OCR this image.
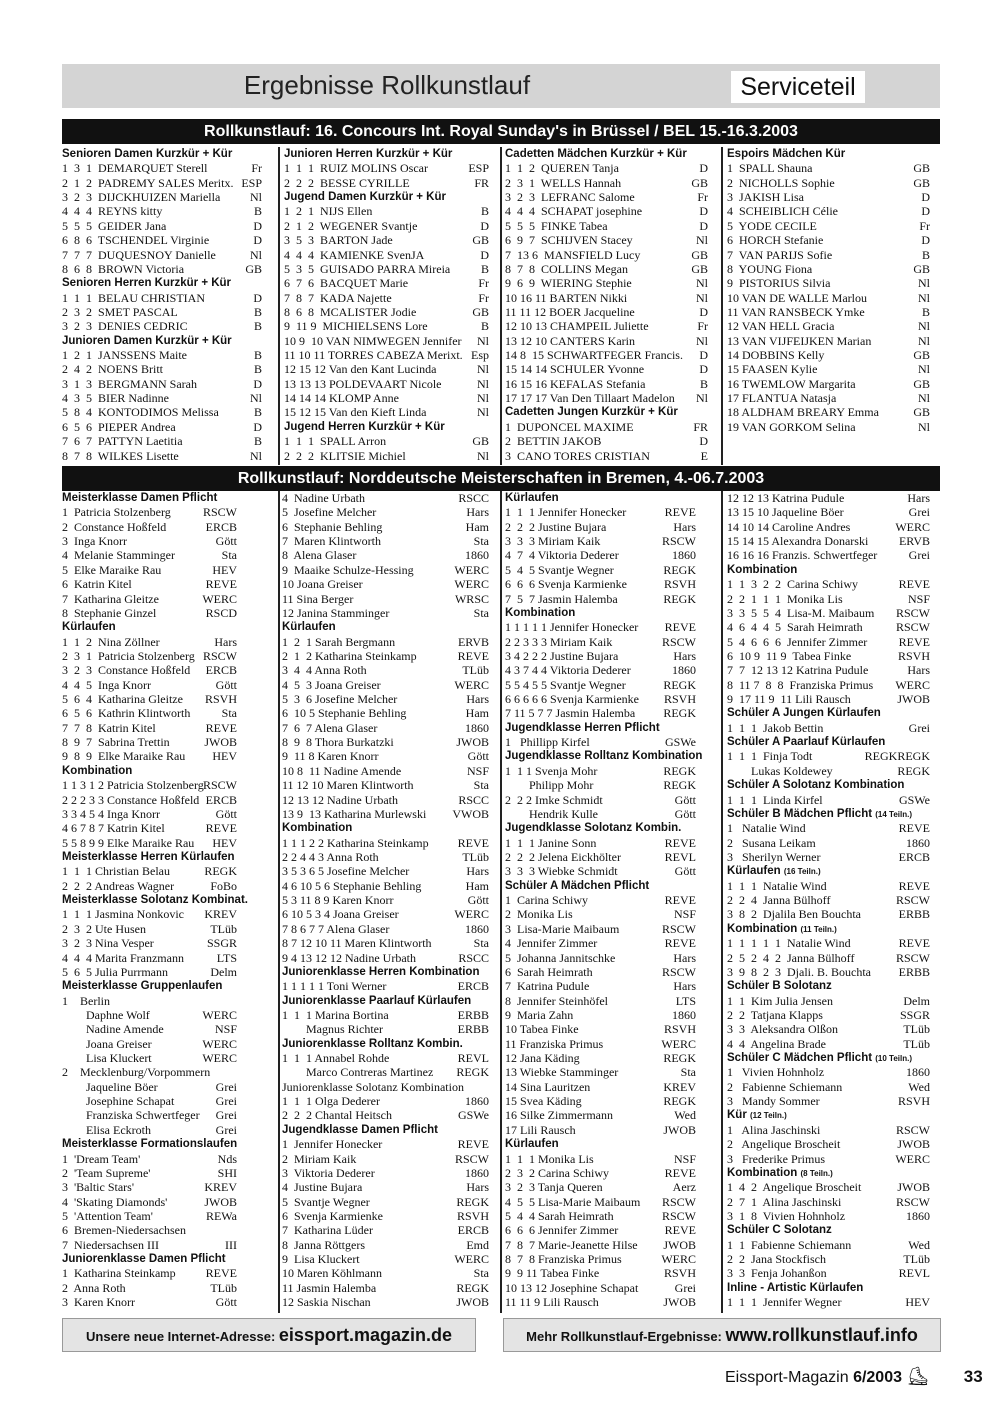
Ergebnisse Rollkunstlauf	Serviceteil
Rollkunstlauf: 16. Concours Int. Royal Sunday's in Brüssel / BEL 15.-16.3.2003
Rollkunstlauf: Norddeutsche Meisterschaften in Bremen, 4.-06.7.2003
Unsere neue Internet-Adresse: eissport.magazin.de	Mehr Rollkunstlauf-Ergebnisse: www.rollkunstlauf.info
Eissport-Magazin 6/2003 ⛸ 33
Senioren Damen Kurzkür + Kür
1  3  1  DEMARQUET Sterell	Fr
2  1  2  PADREMY SALES Meritx. ESP
3  2  3  DIJCKHUIZEN Mariella Nl
4  4  4  REYNS kitty	B
5  5  5  GEIDER Jana	D
6  8  6  TSCHENDEL Virginie	D
7  7  7  DUQUESNOY Danielle	Nl
8  6  8  BROWN Victoria	GB
Senioren Herren Kurzkür + Kür
1  1  1  BELAU CHRISTIAN	D
2  3  2  SMET PASCAL	B
3  2  3  DENIES CEDRIC	B
Junioren Damen Kurzkür + Kür
1  2  1  JANSSENS Maite	B
2  4  2  NOENS Britt	B
3  1  3  BERGMANN Sarah	D
4  3  5  BIER Nadinne	Nl
5  8  4  KONTODIMOS Melissa	B
6  5  6  PIEPER Andrea	D
7  6  7  PATTYN Laetitia	B
8  7  8  WILKES Lisette	Nl
Junioren Herren Kurzkür + Kür
1  1  1  RUIZ MOLINS Oscar	ESP
2  2  2  BESSE CYRILLE	FR
Jugend Damen Kurzkür + Kür
1  2  1  NIJS Ellen	B
2  1  2  WEGENER Svantje	D
3  5  3  BARTON Jade	GB
4  4  4  KAMIENKE SvenJA	D
5  3  5  GUISADO PARRA Mireia	B
6  7  6  BACQUET Marie	Fr
7  8  7  KADA Najette	Fr
8  6  8  MCALISTER Jodie	GB
9  11 9  MICHIELSENS Lore	B
10 9  10 VAN NIMWEGEN Jennifer Nl
11 10 11 TORRES CABEZA Merixt. Esp
12 15 12 Van den Kant Lucinda	Nl
13 13 13 POLDEVAART Nicole	Nl
14 14 14 KLOMP Anne	Nl
15 12 15 Van den Kieft Linda	Nl
Jugend Herren Kurzkür + Kür
1  1  1  SPALL Arron	GB
2  2  2  KLITSIE Michiel	Nl
Cadetten Mädchen Kurzkür + Kür
1  1  2  QUEREN Tanja	D
2  3  1  WELLS Hannah	GB
3  2  3  LEFRANC Salome	Fr
4  4  4  SCHAPAT josephine	D
5  5  5  FINKE Tabea	D
6  9  7  SCHIJVEN Stacey	Nl
7  13 6  MANSFIELD Lucy	GB
8  7  8  COLLINS Megan	GB
9  6  9  WIERING Stephie	Nl
10 16 11 BARTEN Nikki	Nl
11 11 12 BOER Jacqueline	D
12 10 13 CHAMPEIL Juliette	Fr
13 12 10 CANTERS Karin	Nl
14 8  15 SCHWARTFEGER Francis. D
15 14 14 SCHULER Yvonne	D
16 15 16 KEFALAS Stefania	B
17 17 17 Van Den Tillaart Madelon Nl
Cadetten Jungen Kurzkür + Kür
1  DUPONCEL MAXIME	FR
2  BETTIN JAKOB	D
3  CANO TORES CRISTIAN	E
Espoirs Mädchen Kür
1  SPALL Shauna	GB
2  NICHOLLS Sophie	GB
3  JAKISH Lisa	D
4  SCHEIBLICH Célie	D
5  YODE CECILE	Fr
6  HORCH Stefanie	D
7  VAN PARIJS Sofie	B
8  YOUNG Fiona	GB
9  PISTORIUS Silvia	Nl
10 VAN DE WALLE Marlou	Nl
11 VAN RANSBECK Ymke	B
12 VAN HELL Gracia	Nl
13 VAN VIJFEIJKEN Marian	Nl
14 DOBBINS Kelly	GB
15 FAASEN Kylie	Nl
16 TWEMLOW Margarita	GB
17 FLANTUA Natasja	Nl
18 ALDHAM BREARY Emma	GB
19 VAN GORKOM Selina	Nl
Meisterklasse Damen Pflicht
1  Patricia Stolzenberg	RSCW
2  Constance Hoßfeld	ERCB
3  Inga Knorr	Gött
4  Melanie Stamminger	Sta
5  Elke Maraike Rau	HEV
6  Katrin Kitel	REVE
7  Katharina Gleitze	WERC
8  Stephanie Ginzel	RSCD
Kürlaufen
1  1  2  Nina Zöllner	Hars
2  3  1  Patricia Stolzenberg RSCW
3  2  3  Constance Hoßfeld ERCB
4  4  5  Inga Knorr	Gött
5  6  4  Katharina Gleitze RSVH
6  5  6  Kathrin Klintworth	Sta
7  7  8  Katrin Kitel	REVE
8  9  7  Sabrina Trettin	JWOB
9  8  9  Elke Maraike Rau HEV
Kombination
1 1 3 1 2 Patricia Stolzenberg RSCW
2 2 2 3 3 Constance Hoßfeld ERCB
3 3 4 5 4 Inga Knorr	Gött
4 6 7 8 7 Katrin Kitel	REVE
5 5 8 9 9 Elke Maraike Rau HEV
Meisterklasse Herren Kürlaufen
1  1  1 Christian Belau	REGK
2  2  2 Andreas Wagner	FoBo
Meisterklasse Solotanz Kombinat.
1  1  1 Jasmina Nonkovic KREV
2  3  2 Ute Husen	TLüb
3  2  3 Nina Vesper	SSGR
4  4  4 Marita Franzmann	LTS
5  6  5 Julia Purrmann	Delm
Meisterklasse Gruppenlaufen
1    Berlin
Daphne Wolf	WERC
Nadine Amende	NSF
Joana Greiser	WERC
Lisa Kluckert	WERC
2    Mecklenburg/Vorpommern
Jaqueline Böer	Grei
Josephine Schapat	Grei
Franziska Schwertfeger Grei
Elisa Eckroth	Grei
Meisterklasse Formationslaufen
1  'Dream Team'	Nds
2  'Team Supreme'	SHI
3  'Baltic Stars'	KREV
4  'Skating Diamonds'	JWOB
5  'Attention Team'	REWa
6  Bremen-Niedersachsen
7  Niedersachsen III	III
Juniorenklasse Damen Pflicht
1  Katharina Steinkamp	REVE
2  Anna Roth	TLüb
3  Karen Knorr	Gött
4  Nadine Urbath	RSCC
5  Josefine Melcher	Hars
6  Stephanie Behling	Ham
7  Maren Klintworth	Sta
8  Alena Glaser	1860
9  Maaike Schulze-Hessing	WERC
10 Joana Greiser	WERC
11 Sina Berger	WRSC
12 Janina Stamminger	Sta
Kürlaufen
1  2  1 Sarah Bergmann	ERVB
2  1  2 Katharina Steinkamp	REVE
3  4  4 Anna Roth	TLüb
4  5  3 Joana Greiser	WERC
5  3  6 Josefine Melcher	Hars
6  10 5 Stephanie Behling	Ham
7  6  7 Alena Glaser	1860
8  9  8 Thora Burkatzki	JWOB
9  11 8 Karen Knorr	Gött
10 8  11 Nadine Amende	NSF
11 12 10 Maren Klintworth	Sta
12 13 12 Nadine Urbath	RSCC
13 9  13 Katharina Murlewski VWOB
Kombination
1 1 1 2 2 Katharina Steinkamp REVE
2 2 4 4 3 Anna Roth	TLüb
3 5 3 6 5 Josefine Melcher	Hars
4 6 10 5 6 Stephanie Behling	Ham
5 3 11 8 9 Karen Knorr	Gött
6 10 5 3 4 Joana Greiser	WERC
7 8 6 7 7 Alena Glaser	1860
8 7 12 10 11 Maren Klintworth	Sta
9 4 13 12 12 Nadine Urbath	RSCC
Juniorenklasse Herren Kombination
1 1 1 1 1 Toni Werner	ERCB
Juniorenklasse Paarlauf Kürlaufen
1  1  1 Marina Bortina	ERBB
Magnus Richter	ERBB
Juniorenklasse Rolltanz Kombin.
1  1  1 Annabel Rohde	REVL
Marco Contreras Martinez REGK
Juniorenklasse Solotanz Kombination
1  1  1 Olga Dederer	1860
2  2  2 Chantal Heitsch	GSWe
Jugendklasse Damen Pflicht
1  Jennifer Honecker	REVE
2  Miriam Kaik	RSCW
3  Viktoria Dederer	1860
4  Justine Bujara	Hars
5  Svantje Wegner	REGK
6  Svenja Karmienke	RSVH
7  Katharina Lüder	ERCB
8  Janna Röttgers	Emd
9  Lisa Kluckert	WERC
10 Maren Köhlmann	Sta
11 Jasmin Halemba	REGK
12 Saskia Nischan	JWOB
Kürlaufen
1  1  1 Jennifer Honecker	REVE
2  2  2 Justine Bujara	Hars
3  3  3 Miriam Kaik	RSCW
4  7  4 Viktoria Dederer	1860
5  4  5 Svantje Wegner	REGK
6  6  6 Svenja Karmienke	RSVH
7  5  7 Jasmin Halemba	REGK
Kombination
1 1 1 1 1 Jennifer Honecker REVE
2 2 3 3 3 Miriam Kaik	RSCW
3 4 2 2 2 Justine Bujara	Hars
4 3 7 4 4 Viktoria Dederer	1860
5 5 4 5 5 Svantje Wegner	REGK
6 6 6 6 6 Svenja Karmienke RSVH
7 11 5 7 7 Jasmin Halemba REGK
Jugendklasse Herren Pflicht
1   Phillipp Kirfel	GSWe
Jugendklasse Rolltanz Kombination
1  1 1 Svenja Mohr	REGK
Philipp Mohr	REGK
2  2 2 Imke Schmidt	Gött
Hendrik Kulle	Gött
Jugendklasse Solotanz Kombin.
1  1  1 Janine Sonn	REVE
2  2  2 Jelena Eickhölter	REVL
3  3  3 Wiebke Schmidt	Gött
Schüler A Mädchen Pflicht
1  Carina Schiwy	REVE
2  Monika Lis	NSF
3  Lisa-Marie Maibaum	RSCW
4  Jennifer Zimmer	REVE
5  Johanna Jannitschke	Hars
6  Sarah Heimrath	RSCW
7  Katrina Pudule	Hars
8  Jennifer Steinhöfel	LTS
9  Maria Zahn	1860
10 Tabea Finke	RSVH
11 Franziska Primus	WERC
12 Jana Käding	REGK
13 Wiebke Stamminger	Sta
14 Sina Lauritzen	KREV
15 Svea Käding	REGK
16 Silke Zimmermann	Wed
17 Lili Rausch	JWOB
Kürlaufen
1  1  1 Monika Lis	NSF
2  3  2 Carina Schiwy	REVE
3  2  3 Tanja Queren	Aerz
4  5  5 Lisa-Marie Maibaum RSCW
5  4  4 Sarah Heimrath	RSCW
6  6  6 Jennifer Zimmer	REVE
7  8  7 Marie-Jeanette Hilse JWOB
8  7  8 Franziska Primus	WERC
9  9 11 Tabea Finke	RSVH
10 13 12 Josephine Schapat	Grei
11 11 9 Lili Rausch	JWOB
12 12 13 Katrina Pudule	Hars
13 15 10 Jaqueline Böer	Grei
14 10 14 Caroline Andres	WERC
15 14 15 Alexandra Donarski	ERVB
16 16 16 Franzis. Schwertfeger	Grei
Kombination
1  1  3  2  2  Carina Schiwy	REVE
2  2  1  1  1  Monika Lis	NSF
3  3  5  5  4  Lisa-M. Maibaum RSCW
4  6  4  4  5  Sarah Heimrath	RSCW
5  4  6  6  6  Jennifer Zimmer	REVE
6  10 9  11 9  Tabea Finke	RSVH
7  7  12 13 12 Katrina Pudule	Hars
8  11 7  8  8  Franziska Primus WERC
9  17 11 9  11 Lili Rausch	JWOB
Schüler A Jungen Kürlaufen
1  1  1  Jakob Bettin	Grei
Schüler A Paarlauf Kürlaufen
1  1  1  Finja Todt	REGKREGK
Lukas Koldewey	REGK
Schüler A Solotanz Kombination
1  1  1  Linda Kirfel	GSWe
Schüler B Mädchen Pflicht (14 Teiln.)
1   Natalie Wind	REVE
2   Susana Leikam	1860
3   Sherilyn Werner	ERCB
Kürlaufen (16 Teiln.)
1  1  1  Natalie Wind	REVE
2  2  4  Janna Bülhoff	RSCW
3  8  2  Djalila Ben Bouchta	ERBB
Kombination (11 Teiln.)
1  1  1  1  1  Natalie Wind	REVE
2  5  2  4  2  Janna Bülhoff	RSCW
3  9  8  2  3  Djali. B. Bouchta ERBB
Schüler B Solotanz
1  1  Kim Julia Jensen	Delm
2  2  Tatjana Klapps	SSGR
3  3  Aleksandra Olßon	TLüb
4  4  Angelina Brade	TLüb
Schüler C Mädchen Pflicht (10 Teiln.)
1   Vivien Hohnholz	1860
2   Fabienne Schiemann	Wed
3   Mandy Sommer	RSVH
Kür (12 Teiln.)
1   Alina Jaschinski	RSCW
2   Angelique Broscheit	JWOB
3   Frederike Primus	WERC
Kombination (8 Teiln.)
1  4  2  Angelique Broscheit	JWOB
2  7  1  Alina Jaschinski	RSCW
3  1  8  Vivien Hohnholz	1860
Schüler C Solotanz
1  1  Fabienne Schiemann	Wed
2  2  Jana Stockfisch	TLüb
3  3  Fenja Johanßon	REVL
Inline - Artistic Kürlaufen
1  1  1  Jennifer Wegner	HEV
